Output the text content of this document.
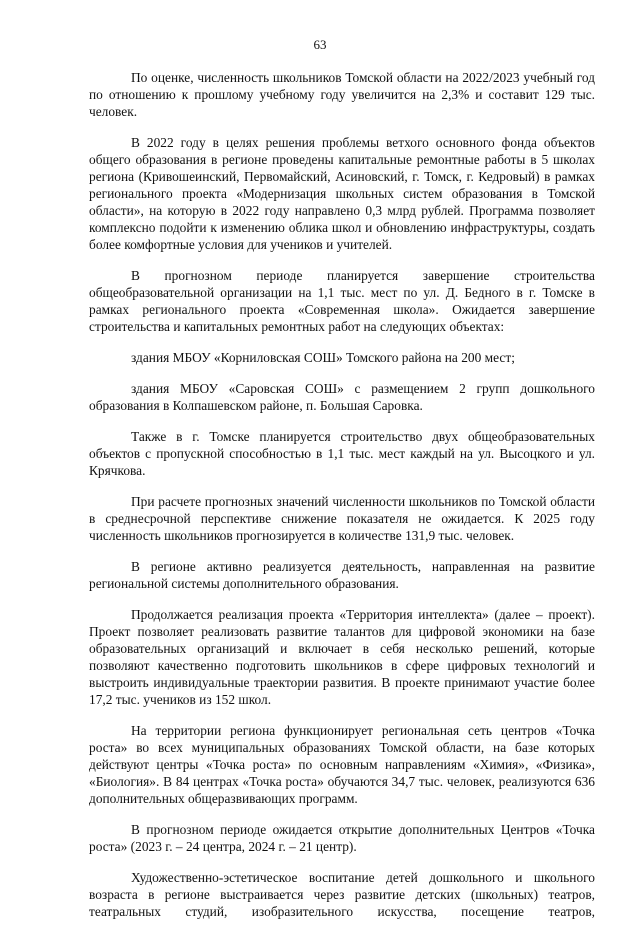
63

По оценке, численность школьников Томской области на 2022/2023 учебный год по отношению к прошлому учебному году увеличится на 2,3% и составит 129 тыс. человек.

В 2022 году в целях решения проблемы ветхого основного фонда объектов общего образования в регионе проведены капитальные ремонтные работы в 5 школах региона (Кривошеинский, Первомайский, Асиновский, г. Томск, г. Кедровый) в рамках регионального проекта «Модернизация школьных систем образования в Томской области», на которую в 2022 году направлено 0,3 млрд рублей. Программа позволяет комплексно подойти к изменению облика школ и обновлению инфраструктуры, создать более комфортные условия для учеников и учителей.

В прогнозном периоде планируется завершение строительства общеобразовательной организации на 1,1 тыс. мест по ул. Д. Бедного в г. Томске в рамках регионального проекта «Современная школа». Ожидается завершение строительства и капитальных ремонтных работ на следующих объектах:

здания МБОУ «Корниловская СОШ» Томского района на 200 мест;

здания МБОУ «Саровская СОШ» с размещением 2 групп дошкольного образования в Колпашевском районе, п. Большая Саровка.

Также в г. Томске планируется строительство двух общеобразовательных объектов с пропускной способностью в 1,1 тыс. мест каждый на ул. Высоцкого и ул. Крячкова.

При расчете прогнозных значений численности школьников по Томской области в среднесрочной перспективе снижение показателя не ожидается. К 2025 году численность школьников прогнозируется в количестве 131,9 тыс. человек.

В регионе активно реализуется деятельность, направленная на развитие региональной системы дополнительного образования.

Продолжается реализация проекта «Территория интеллекта» (далее – проект). Проект позволяет реализовать развитие талантов для цифровой экономики на базе образовательных организаций и включает в себя несколько решений, которые позволяют качественно подготовить школьников в сфере цифровых технологий и выстроить индивидуальные траектории развития. В проекте принимают участие более 17,2 тыс. учеников из 152 школ.

На территории региона функционирует региональная сеть центров «Точка роста» во всех муниципальных образованиях Томской области, на базе которых действуют центры «Точка роста» по основным направлениям «Химия», «Физика», «Биология». В 84 центрах «Точка роста» обучаются 34,7 тыс. человек, реализуются 636 дополнительных общеразвивающих программ.

В прогнозном периоде ожидается открытие дополнительных Центров «Точка роста» (2023 г. – 24 центра, 2024 г. – 21 центр).

Художественно-эстетическое воспитание детей дошкольного и школьного возраста в регионе выстраивается через развитие детских (школьных) театров, театральных студий, изобразительного искусства, посещение театров,
